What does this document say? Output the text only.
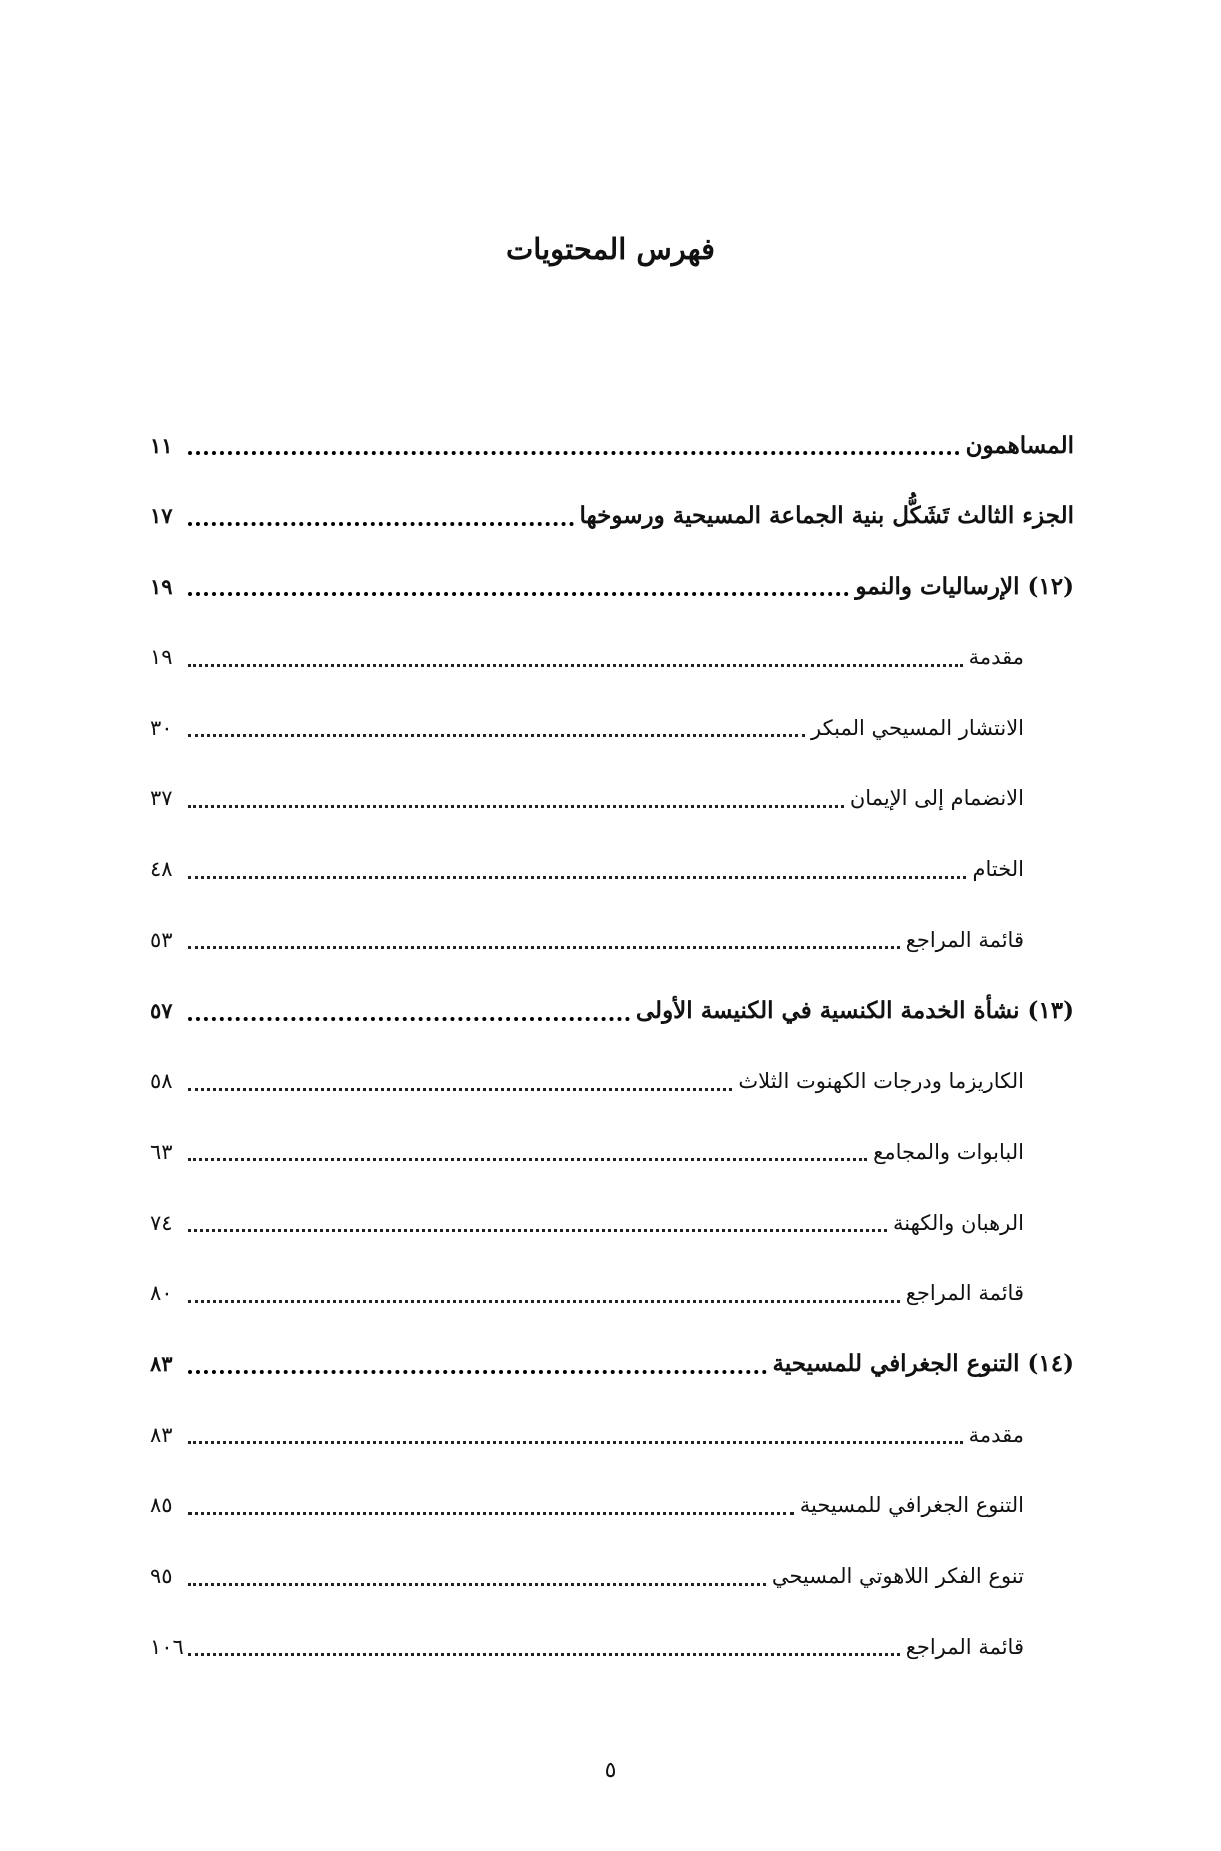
فهرس المحتويات
المساهمون
١١
الجزء الثالث تَشَكُّل بنية الجماعة المسيحية ورسوخها
١٧
(١٢) الإرساليات والنمو
١٩
مقدمة
١٩
الانتشار المسيحي المبكر
٣٠
الانضمام إلى الإيمان
٣٧
الختام
٤٨
قائمة المراجع
٥٣
(١٣) نشأة الخدمة الكنسية في الكنيسة الأولى
٥٧
الكاريزما ودرجات الكهنوت الثلاث
٥٨
البابوات والمجامع
٦٣
الرهبان والكهنة
٧٤
قائمة المراجع
٨٠
(١٤) التنوع الجغرافي للمسيحية
٨٣
مقدمة
٨٣
التنوع الجغرافي للمسيحية
٨٥
تنوع الفكر اللاهوتي المسيحي
٩٥
قائمة المراجع
١٠٦
٥
